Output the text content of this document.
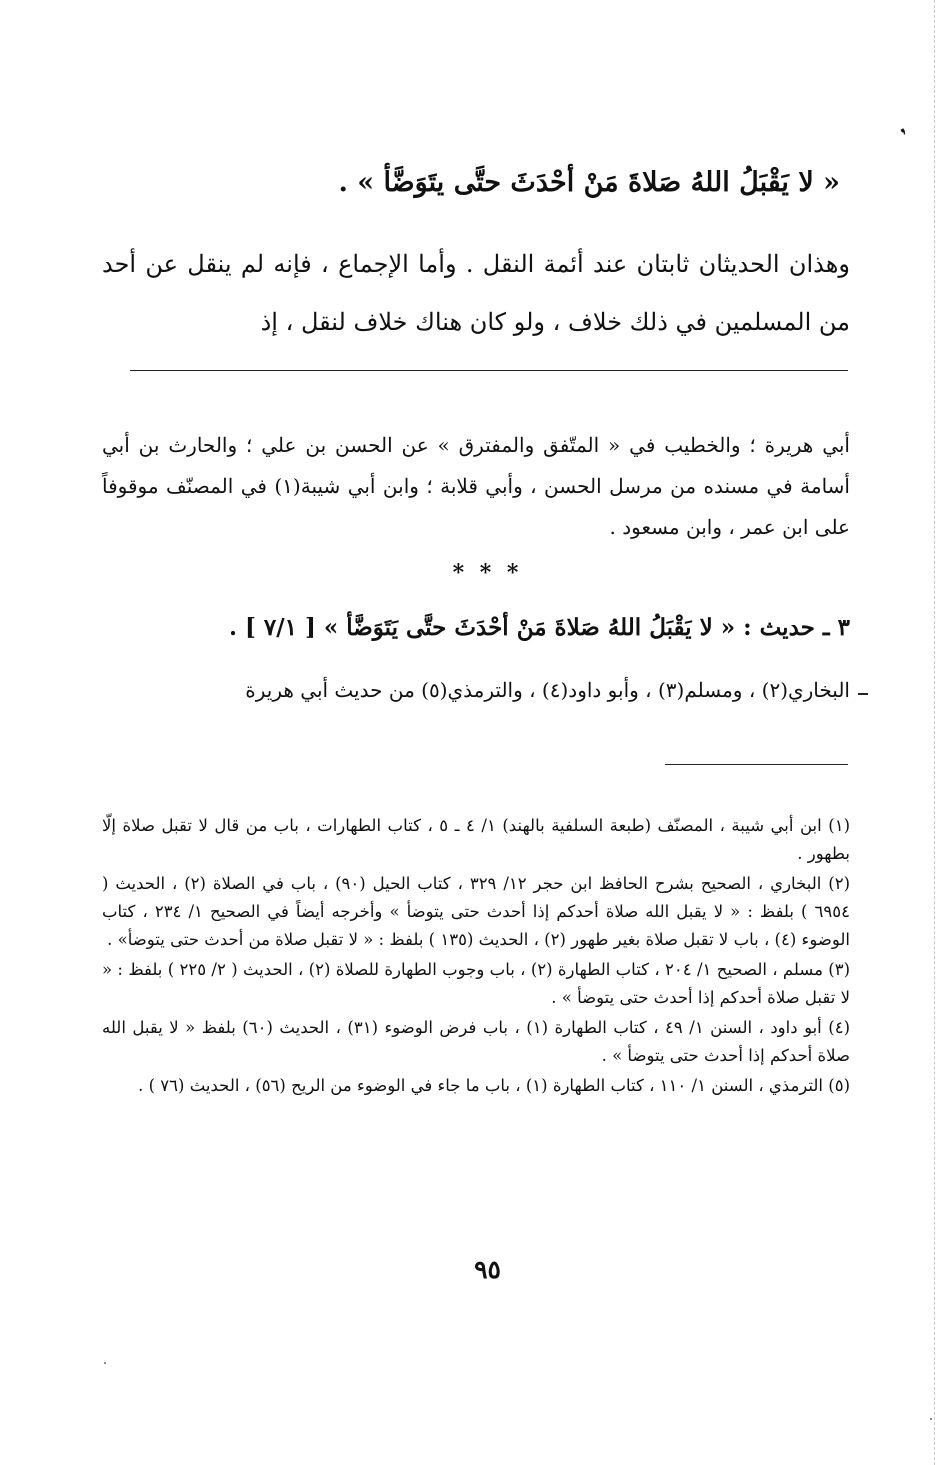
❜
« لا يَقْبَلُ اللهُ صَلاةَ مَنْ أحْدَثَ حتَّى يتَوَضَّأ » .
وهذان الحديثان ثابتان عند أئمة النقل . وأما الإجماع ، فإنه لم ينقل عن أحد من المسلمين في ذلك خلاف ، ولو كان هناك خلاف لنقل ، إذ
أبي هريرة ؛ والخطيب في « المتّفق والمفترق » عن الحسن بن علي ؛ والحارث بن أبي أسامة في مسنده من مرسل الحسن ، وأبي قلابة ؛ وابن أبي شيبة(١) في المصنّف موقوفاً على ابن عمر ، وابن مسعود .
* * *
٣ ـ حديث : « لا يَقْبَلُ اللهُ صَلاةَ مَنْ أحْدَثَ حتَّى يَتَوَضَّأ » [ ٧/١ ] .
البخاري(٢) ، ومسلم(٣) ، وأبو داود(٤) ، والترمذي(٥) من حديث أبي هريرة

(١) ابن أبي شيبة ، المصنّف (طبعة السلفية بالهند) ١/ ٤ ـ ٥ ، كتاب الطهارات ، باب من قال لا تقبل صلاة إلّا بطهور .

(٢) البخاري ، الصحيح بشرح الحافظ ابن حجر ١٢/ ٣٢٩ ، كتاب الحيل (٩٠) ، باب في الصلاة (٢) ، الحديث ( ٦٩٥٤ ) بلفظ : « لا يقبل الله صلاة أحدكم إذا أحدث حتى يتوضأ » وأخرجه أيضاً في الصحيح ١/ ٢٣٤ ، كتاب الوضوء (٤) ، باب لا تقبل صلاة بغير طهور (٢) ، الحديث (١٣٥ ) بلفظ : « لا تقبل صلاة من أحدث حتى يتوضأ» .

(٣) مسلم ، الصحيح ١/ ٢٠٤ ، كتاب الطهارة (٢) ، باب وجوب الطهارة للصلاة (٢) ، الحديث ( ٢/ ٢٢٥ ) بلفظ : « لا تقبل صلاة أحدكم إذا أحدث حتى يتوضأ » .

(٤) أبو داود ، السنن ١/ ٤٩ ، كتاب الطهارة (١) ، باب فرض الوضوء (٣١) ، الحديث (٦٠) بلفظ « لا يقبل الله صلاة أحدكم إذا أحدث حتى يتوضأ » .

(٥) الترمذي ، السنن ١/ ١١٠ ، كتاب الطهارة (١) ، باب ما جاء في الوضوء من الريح (٥٦) ، الحديث (٧٦ ) .

٩٥
